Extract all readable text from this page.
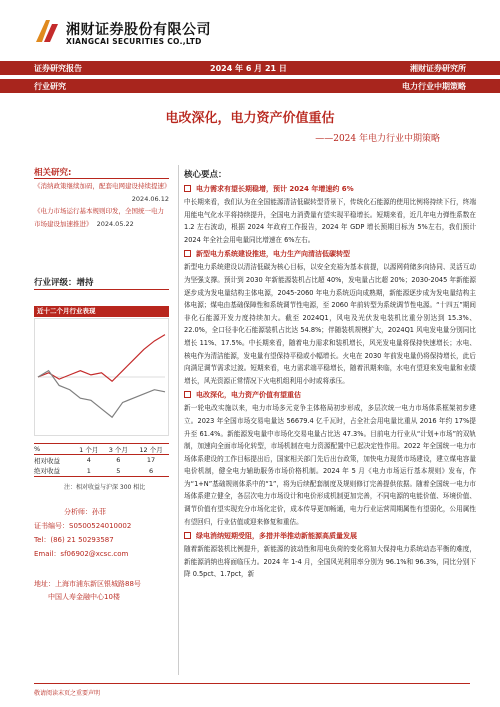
湘财证券股份有限公司
XIANGCAI SECURITIES CO.,LTD
证券研究报告	2024 年 6 月 21 日	湘财证券研究所
行业研究	电力行业中期策略
电改深化，电力资产价值重估
——2024 年电力行业中期策略
相关研究:
《消纳政策继续加码，配套电网建设持续提速》
2024.06.12
《电力市场运行基本规则印发，全国统一电力市场建设加速推进》 2024.05.22
行业评级：增持
近十二个月行业表现
%	1 个月	3 个月	12 个月
相对收益	4	6	17
绝对收益	1	5	6
注：相对收益与沪深 300 相比
分析师：孙菲
证书编号：S0500524010002
Tel：(86) 21 50293587
Email：sf06902@xcsc.com
地址：上海市浦东新区银城路88号
中国人寿金融中心10楼
核心要点：
电力需求有望长期稳增，预计 2024 年增速约 6%
中长期来看，我们认为在全国能源清洁低碳转型背景下，传统化石能源的使用比例将持续下行，终端用能电气化水平将持续提升，全国电力消费量有望实现平稳增长。短期来看，近几年电力弹性系数在 1.2 左右波动，根据 2024 年政府工作报告，2024 年 GDP 增长预期目标为 5%左右，我们预计 2024 年全社会用电量同比增速在 6%左右。
新型电力系统建设推进，电力生产向清洁低碳转型
新型电力系统建设以清洁低碳为核心目标，以安全充裕为基本前提，以源网荷储多向协同、灵活互动为坚强支撑。预计到 2030 年新能源装机占比超 40%，发电量占比超 20%；2030-2045 年新能源逐步成为发电量结构主体电源，2045-2060 年电力系统迈向成熟期，新能源逐步成为发电量结构主体电源；煤电由基础保障性和系统调节性电源，至 2060 年前转型为系统调节性电源。“十四五”期间非化石能源开发力度持续加大。截至 2024Q1，风电及光伏发电装机比重分别达到 15.3%、22.0%，全口径非化石能源装机占比达 54.8%；伴随装机规模扩大，2024Q1 风电发电量分别同比增长 11%、17.5%。中长期来看，随着电力需求和装机增长，风光发电量将保持快速增长；水电、核电作为清洁能源，发电量有望保持平稳或小幅增长。火电在 2030 年前发电量仍将保持增长，此后向满足调节需求过渡。短期来看，电力需求端平稳增长，随着汛期来临，水电有望迎来发电量和业绩增长，风光资源正常情况下火电机组利用小时或将承压。
电改深化，电力资产价值有望重估
新一轮电改实施以来，电力市场多元竞争主体格局初步形成，多层次统一电力市场体系框架初步建立。2023 年全国市场交易电量达 56679.4 亿千瓦时，占全社会用电量比重从 2016 年约 17%提升至 61.4%。新能源发电量中市场化交易电量占比达 47.3%。目前电力行业从“计划+市场”的双轨制，加速向全面市场化转型，市场机制在电力资源配置中已起决定性作用。2022 年全国统一电力市场体系建设的工作目标提出后，国家相关部门先后出台政策，加快电力现货市场建设，建立煤电容量电价机制，健全电力辅助服务市场价格机制。2024 年 5 月《电力市场运行基本规则》发布，作为“1+N”基础规则体系中的“1”，将为后续配套制度及规则修订完善提供依据。随着全国统一电力市场体系建立健全，各层次电力市场设计和电价形成机制更加完善，不同电源的电能价值、环境价值、调节价值有望实现充分市场化定价，成本传导更加畅通，电力行业运营周期属性有望弱化，公用属性有望回归，行业估值或迎来修复和重估。
绿电消纳短期受阻，多措并举推动新能源高质量发展
随着新能源装机比例提升，新能源的波动性和用电负荷的变化将加大保持电力系统动态平衡的难度，新能源消纳也将面临压力。2024 年 1-4 月，全国风光利用率分别为 96.1%和 96.3%，同比分别下降 0.5pct、1.7pct，新
敬请阅读末页之重要声明
